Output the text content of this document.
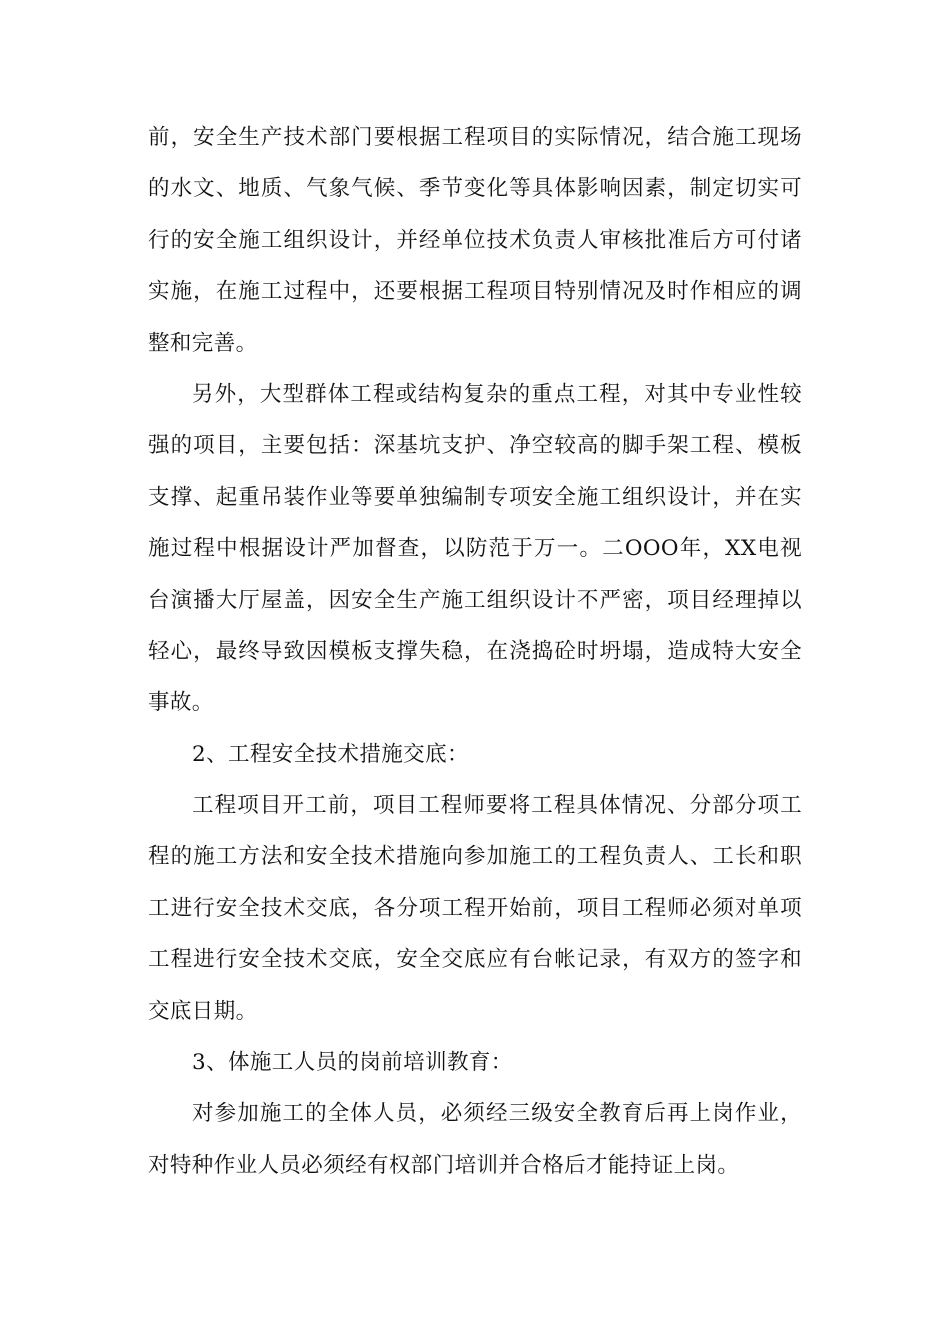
前，安全生产技术部门要根据工程项目的实际情况，结合施工现场
的水文、地质、气象气候、季节变化等具体影响因素，制定切实可
行的安全施工组织设计，并经单位技术负责人审核批准后方可付诸
实施，在施工过程中，还要根据工程项目特别情况及时作相应的调
整和完善。
另外，大型群体工程或结构复杂的重点工程，对其中专业性较
强的项目，主要包括：深基坑支护、净空较高的脚手架工程、模板
支撑、起重吊装作业等要单独编制专项安全施工组织设计，并在实
施过程中根据设计严加督查，以防范于万一。二OOO年，XX电视
台演播大厅屋盖，因安全生产施工组织设计不严密，项目经理掉以
轻心，最终导致因模板支撑失稳，在浇捣砼时坍塌，造成特大安全
事故。
2、工程安全技术措施交底：
工程项目开工前，项目工程师要将工程具体情况、分部分项工
程的施工方法和安全技术措施向参加施工的工程负责人、工长和职
工进行安全技术交底，各分项工程开始前，项目工程师必须对单项
工程进行安全技术交底，安全交底应有台帐记录，有双方的签字和
交底日期。
3、体施工人员的岗前培训教育：
对参加施工的全体人员，必须经三级安全教育后再上岗作业，
对特种作业人员必须经有权部门培训并合格后才能持证上岗。
